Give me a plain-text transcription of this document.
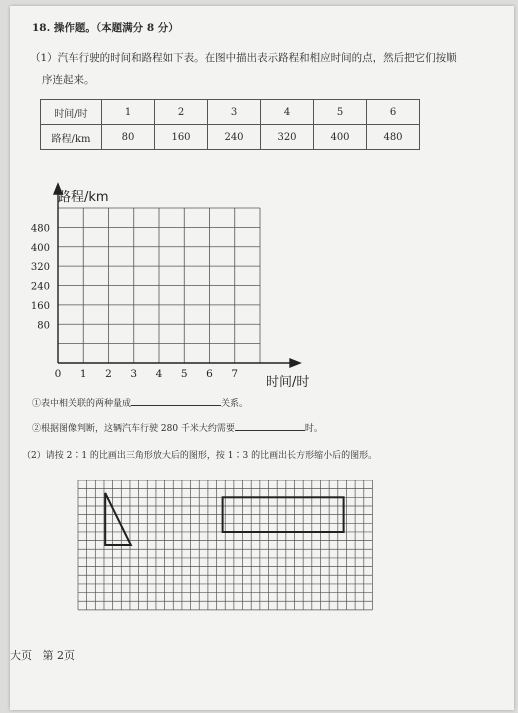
18. 操作题。（本题满分 8 分）
（1）汽车行驶的时间和路程如下表。在图中描出表示路程和相应时间的点，然后把它们按顺
序连起来。
时间/时	1	2	3	4	5	6
路程/km	80	160	240	320	400	480
路程/km
时间/时
480
400
320
240
160
80
0 1 2 3 4 5 6 7
①表中相关联的两种量成	关系。
②根据图像判断，这辆汽车行驶 280 千米大约需要	时。
（2）请按 2∶1 的比画出三角形放大后的图形，按 1∶3 的比画出长方形缩小后的图形。
大页 第 2页
